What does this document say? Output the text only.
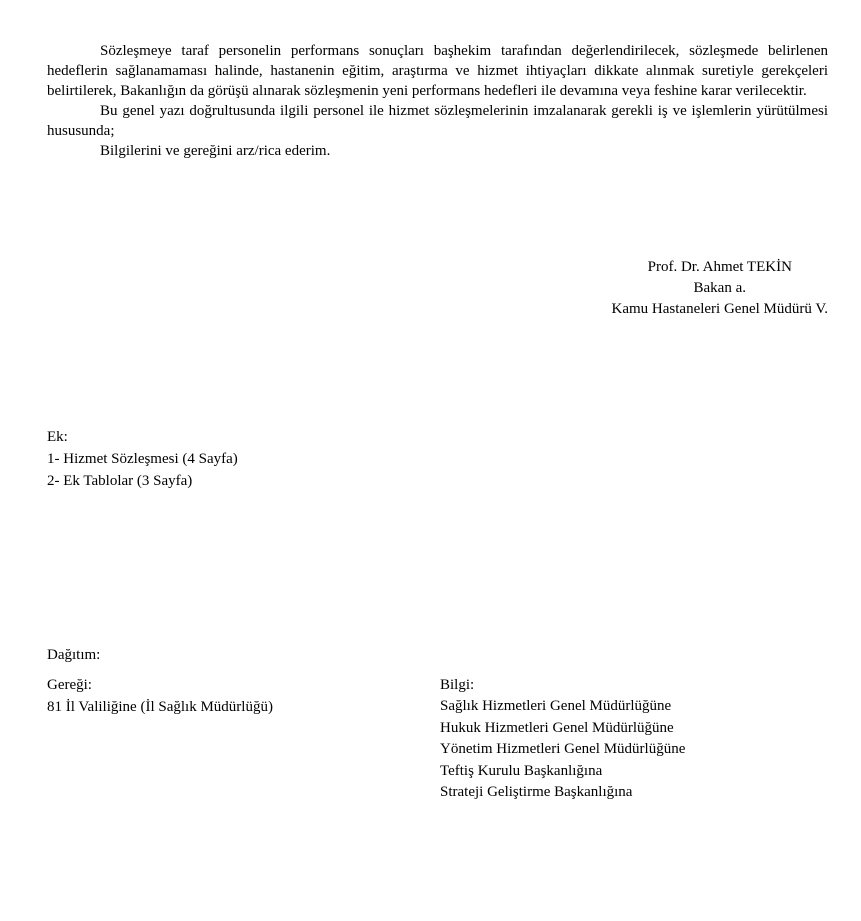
Sözleşmeye taraf personelin performans sonuçları başhekim tarafından değerlendirilecek, sözleşmede belirlenen hedeflerin sağlanamaması halinde, hastanenin eğitim, araştırma ve hizmet ihtiyaçları dikkate alınmak suretiyle gerekçeleri belirtilerek, Bakanlığın da görüşü alınarak sözleşmenin yeni performans hedefleri ile devamına veya feshine karar verilecektir.

Bu genel yazı doğrultusunda ilgili personel ile hizmet sözleşmelerinin imzalanarak gerekli iş ve işlemlerin yürütülmesi hususunda;

Bilgilerini ve gereğini arz/rica ederim.

Prof. Dr. Ahmet TEKİN
Bakan a.
Kamu Hastaneleri Genel Müdürü V.
Ek:
1- Hizmet Sözleşmesi (4 Sayfa)
2- Ek Tablolar (3 Sayfa)
Dağıtım:
Gereği:
81 İl Valiliğine (İl Sağlık Müdürlüğü)
Bilgi:
Sağlık Hizmetleri Genel Müdürlüğüne
Hukuk Hizmetleri Genel Müdürlüğüne
Yönetim Hizmetleri Genel Müdürlüğüne
Teftiş Kurulu Başkanlığına
Strateji Geliştirme Başkanlığına
